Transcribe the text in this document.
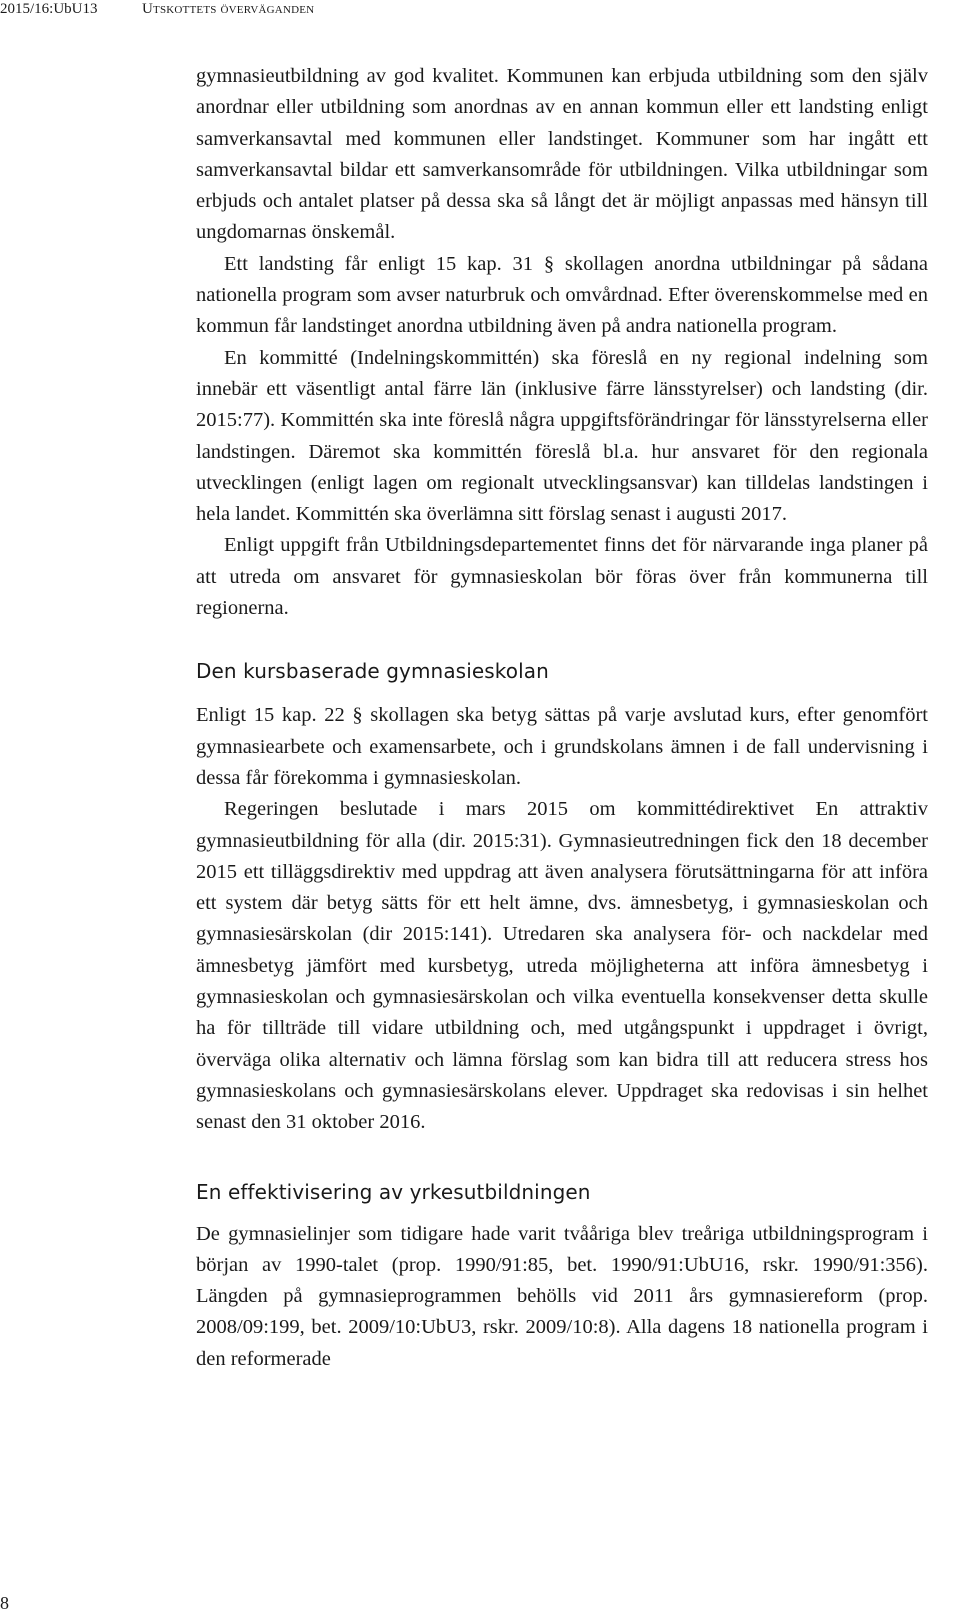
2015/16:UbU13	Utskottets överväganden

gymnasieutbildning av god kvalitet. Kommunen kan erbjuda utbildning som den själv anordnar eller utbildning som anordnas av en annan kommun eller ett landsting enligt samverkansavtal med kommunen eller landstinget. Kommuner som har ingått ett samverkansavtal bildar ett samverkansområde för utbildningen. Vilka utbildningar som erbjuds och antalet platser på dessa ska så långt det är möjligt anpassas med hänsyn till ungdomarnas önskemål.

Ett landsting får enligt 15 kap. 31 § skollagen anordna utbildningar på sådana nationella program som avser naturbruk och omvårdnad. Efter överenskommelse med en kommun får landstinget anordna utbildning även på andra nationella program.

En kommitté (Indelningskommittén) ska föreslå en ny regional indelning som innebär ett väsentligt antal färre län (inklusive färre länsstyrelser) och landsting (dir. 2015:77). Kommittén ska inte föreslå några uppgiftsförändringar för länsstyrelserna eller landstingen. Däremot ska kommittén föreslå bl.a. hur ansvaret för den regionala utvecklingen (enligt lagen om regionalt utvecklingsansvar) kan tilldelas landstingen i hela landet. Kommittén ska överlämna sitt förslag senast i augusti 2017.

Enligt uppgift från Utbildningsdepartementet finns det för närvarande inga planer på att utreda om ansvaret för gymnasieskolan bör föras över från kommunerna till regionerna.

Den kursbaserade gymnasieskolan

Enligt 15 kap. 22 § skollagen ska betyg sättas på varje avslutad kurs, efter genomfört gymnasiearbete och examensarbete, och i grundskolans ämnen i de fall undervisning i dessa får förekomma i gymnasieskolan.

Regeringen beslutade i mars 2015 om kommittédirektivet En attraktiv gymnasieutbildning för alla (dir. 2015:31). Gymnasieutredningen fick den 18 december 2015 ett tilläggsdirektiv med uppdrag att även analysera förutsättningarna för att införa ett system där betyg sätts för ett helt ämne, dvs. ämnesbetyg, i gymnasieskolan och gymnasiesärskolan (dir 2015:141). Utredaren ska analysera för- och nackdelar med ämnesbetyg jämfört med kursbetyg, utreda möjligheterna att införa ämnesbetyg i gymnasieskolan och gymnasiesärskolan och vilka eventuella konsekvenser detta skulle ha för tillträde till vidare utbildning och, med utgångspunkt i uppdraget i övrigt, överväga olika alternativ och lämna förslag som kan bidra till att reducera stress hos gymnasieskolans och gymnasiesärskolans elever. Uppdraget ska redovisas i sin helhet senast den 31 oktober 2016.

En effektivisering av yrkesutbildningen

De gymnasielinjer som tidigare hade varit tvååriga blev treåriga utbildningsprogram i början av 1990-talet (prop. 1990/91:85, bet. 1990/91:UbU16, rskr. 1990/91:356). Längden på gymnasieprogrammen behölls vid 2011 års gymnasiereform (prop. 2008/09:199, bet. 2009/10:UbU3, rskr. 2009/10:8). Alla dagens 18 nationella program i den reformerade

8
